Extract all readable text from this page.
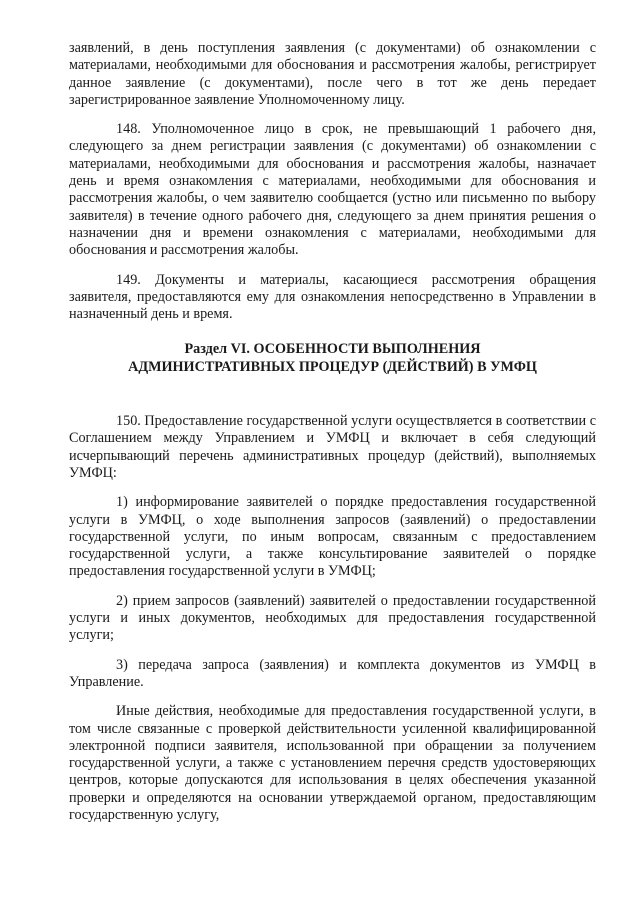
заявлений, в день поступления заявления (с документами) об ознакомлении с материалами, необходимыми для обоснования и рассмотрения жалобы, регистрирует данное заявление (с документами), после чего в тот же день передает зарегистрированное заявление Уполномоченному лицу.

148. Уполномоченное лицо в срок, не превышающий 1 рабочего дня, следующего за днем регистрации заявления (с документами) об ознакомлении с материалами, необходимыми для обоснования и рассмотрения жалобы, назначает день и время ознакомления с материалами, необходимыми для обоснования и рассмотрения жалобы, о чем заявителю сообщается (устно или письменно по выбору заявителя) в течение одного рабочего дня, следующего за днем принятия решения о назначении дня и времени ознакомления с материалами, необходимыми для обоснования и рассмотрения жалобы.

149. Документы и материалы, касающиеся рассмотрения обращения заявителя, предоставляются ему для ознакомления непосредственно в Управлении в назначенный день и время.

Раздел VI. ОСОБЕННОСТИ ВЫПОЛНЕНИЯ
АДМИНИСТРАТИВНЫХ ПРОЦЕДУР (ДЕЙСТВИЙ) В УМФЦ

150. Предоставление государственной услуги осуществляется в соответствии с Соглашением между Управлением и УМФЦ и включает в себя следующий исчерпывающий перечень административных процедур (действий), выполняемых УМФЦ:

1) информирование заявителей о порядке предоставления государственной услуги в УМФЦ, о ходе выполнения запросов (заявлений) о предоставлении государственной услуги, по иным вопросам, связанным с предоставлением государственной услуги, а также консультирование заявителей о порядке предоставления государственной услуги в УМФЦ;

2) прием запросов (заявлений) заявителей о предоставлении государственной услуги и иных документов, необходимых для предоставления государственной услуги;

3) передача запроса (заявления) и комплекта документов из УМФЦ в Управление.

Иные действия, необходимые для предоставления государственной услуги, в том числе связанные с проверкой действительности усиленной квалифицированной электронной подписи заявителя, использованной при обращении за получением государственной услуги, а также с установлением перечня средств удостоверяющих центров, которые допускаются для использования в целях обеспечения указанной проверки и определяются на основании утверждаемой органом, предоставляющим государственную услугу,
